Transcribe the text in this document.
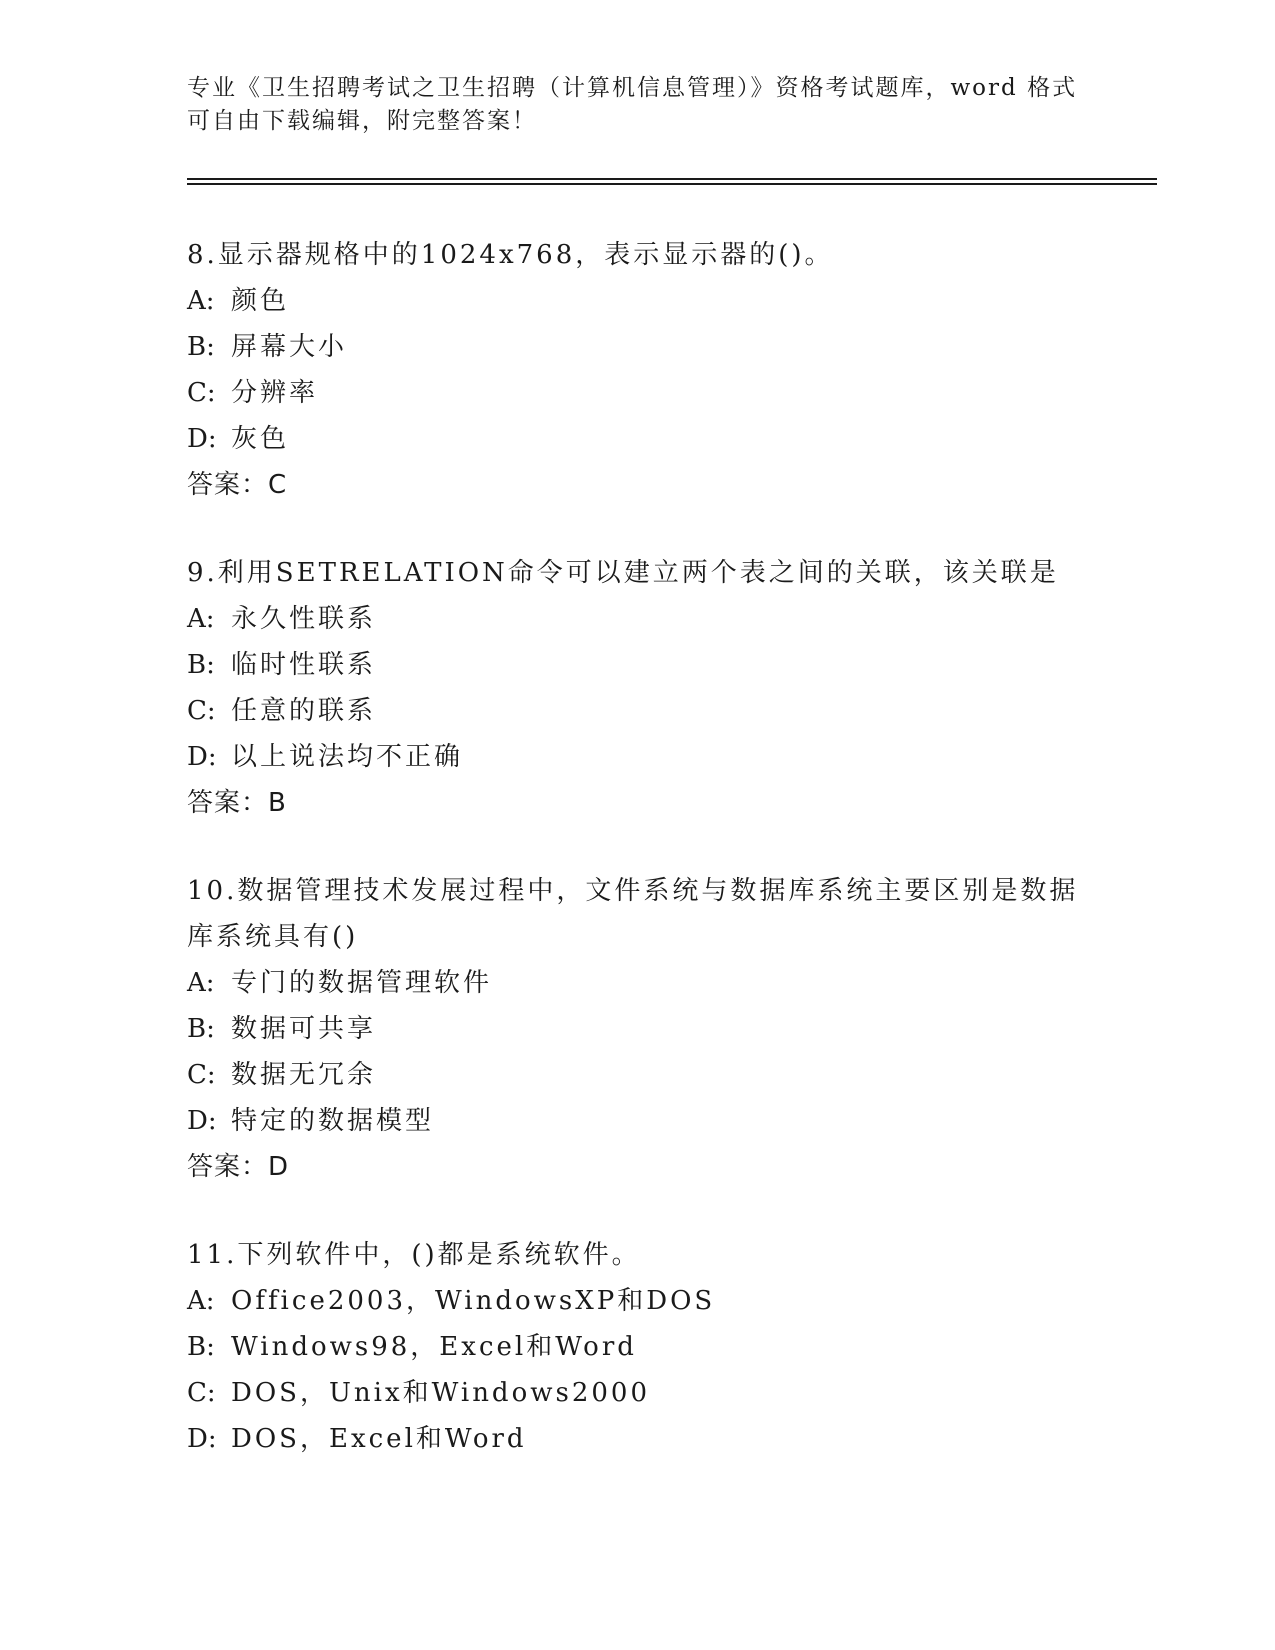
专业《卫生招聘考试之卫生招聘（计算机信息管理）》资格考试题库，word 格式
可自由下载编辑，附完整答案！
8.显示器规格中的1024x768，表示显示器的()。
A: 颜色
B: 屏幕大小
C: 分辨率
D: 灰色
答案：C
9.利用SETRELATION命令可以建立两个表之间的关联，该关联是
A: 永久性联系
B: 临时性联系
C: 任意的联系
D: 以上说法均不正确
答案：B
10.数据管理技术发展过程中，文件系统与数据库系统主要区别是数据库系统具有()
A: 专门的数据管理软件
B: 数据可共享
C: 数据无冗余
D: 特定的数据模型
答案：D
11.下列软件中，()都是系统软件。
A: Office2003，WindowsXP和DOS
B: Windows98，Excel和Word
C: DOS，Unix和Windows2000
D: DOS，Excel和Word
